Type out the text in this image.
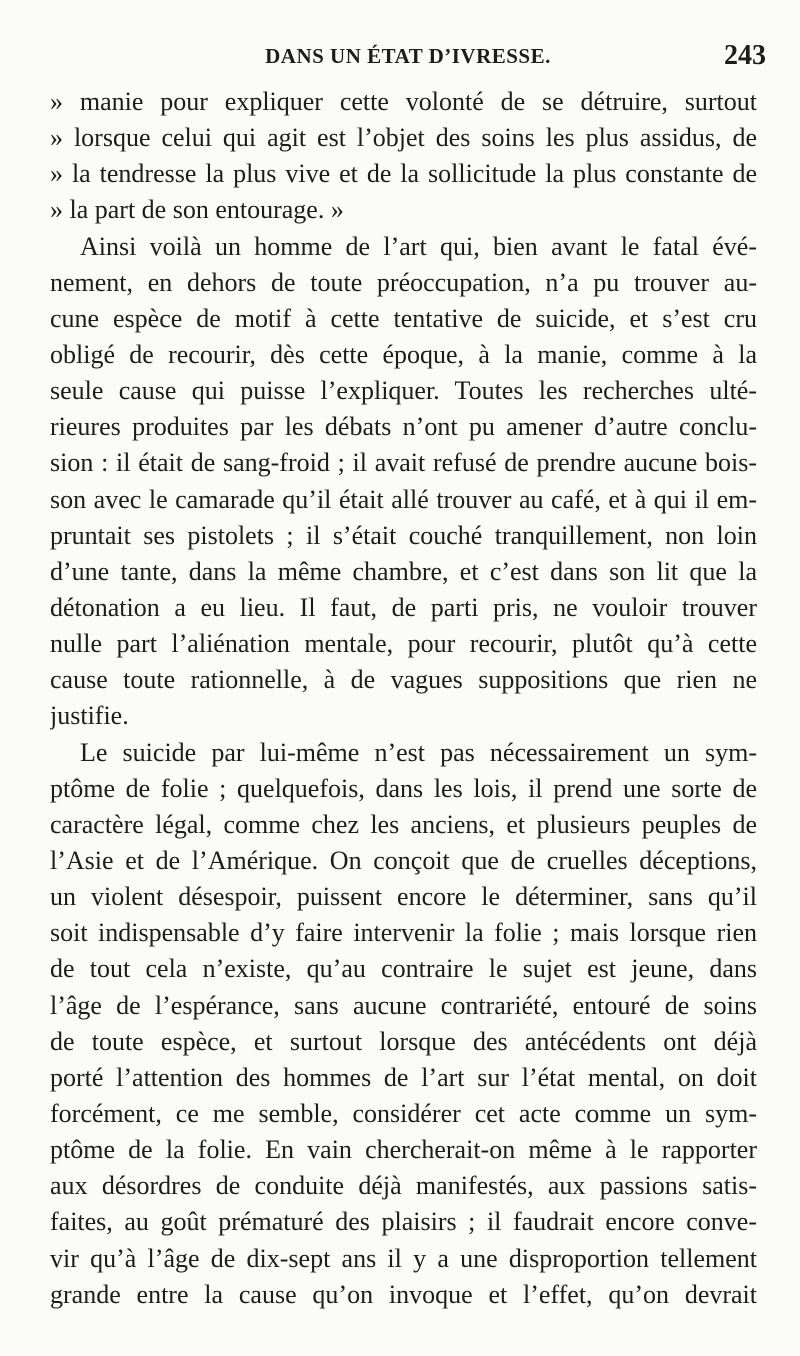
DANS UN ÉTAT D’IVRESSE.	243
» manie pour expliquer cette volonté de se détruire, surtout
» lorsque celui qui agit est l’objet des soins les plus assidus, de
» la tendresse la plus vive et de la sollicitude la plus constante de
» la part de son entourage. »
Ainsi voilà un homme de l’art qui, bien avant le fatal évé-
nement, en dehors de toute préoccupation, n’a pu trouver au-
cune espèce de motif à cette tentative de suicide, et s’est cru
obligé de recourir, dès cette époque, à la manie, comme à la
seule cause qui puisse l’expliquer. Toutes les recherches ulté-
rieures produites par les débats n’ont pu amener d’autre conclu-
sion : il était de sang-froid ; il avait refusé de prendre aucune bois-
son avec le camarade qu’il était allé trouver au café, et à qui il em-
pruntait ses pistolets ; il s’était couché tranquillement, non loin
d’une tante, dans la même chambre, et c’est dans son lit que la
détonation a eu lieu. Il faut, de parti pris, ne vouloir trouver
nulle part l’aliénation mentale, pour recourir, plutôt qu’à cette
cause toute rationnelle, à de vagues suppositions que rien ne
justifie.
Le suicide par lui-même n’est pas nécessairement un sym-
ptôme de folie ; quelquefois, dans les lois, il prend une sorte de
caractère légal, comme chez les anciens, et plusieurs peuples de
l’Asie et de l’Amérique. On conçoit que de cruelles déceptions,
un violent désespoir, puissent encore le déterminer, sans qu’il
soit indispensable d’y faire intervenir la folie ; mais lorsque rien
de tout cela n’existe, qu’au contraire le sujet est jeune, dans
l’âge de l’espérance, sans aucune contrariété, entouré de soins
de toute espèce, et surtout lorsque des antécédents ont déjà
porté l’attention des hommes de l’art sur l’état mental, on doit
forcément, ce me semble, considérer cet acte comme un sym-
ptôme de la folie. En vain chercherait-on même à le rapporter
aux désordres de conduite déjà manifestés, aux passions satis-
faites, au goût prématuré des plaisirs ; il faudrait encore conve-
vir qu’à l’âge de dix-sept ans il y a une disproportion tellement
grande entre la cause qu’on invoque et l’effet, qu’on devrait
